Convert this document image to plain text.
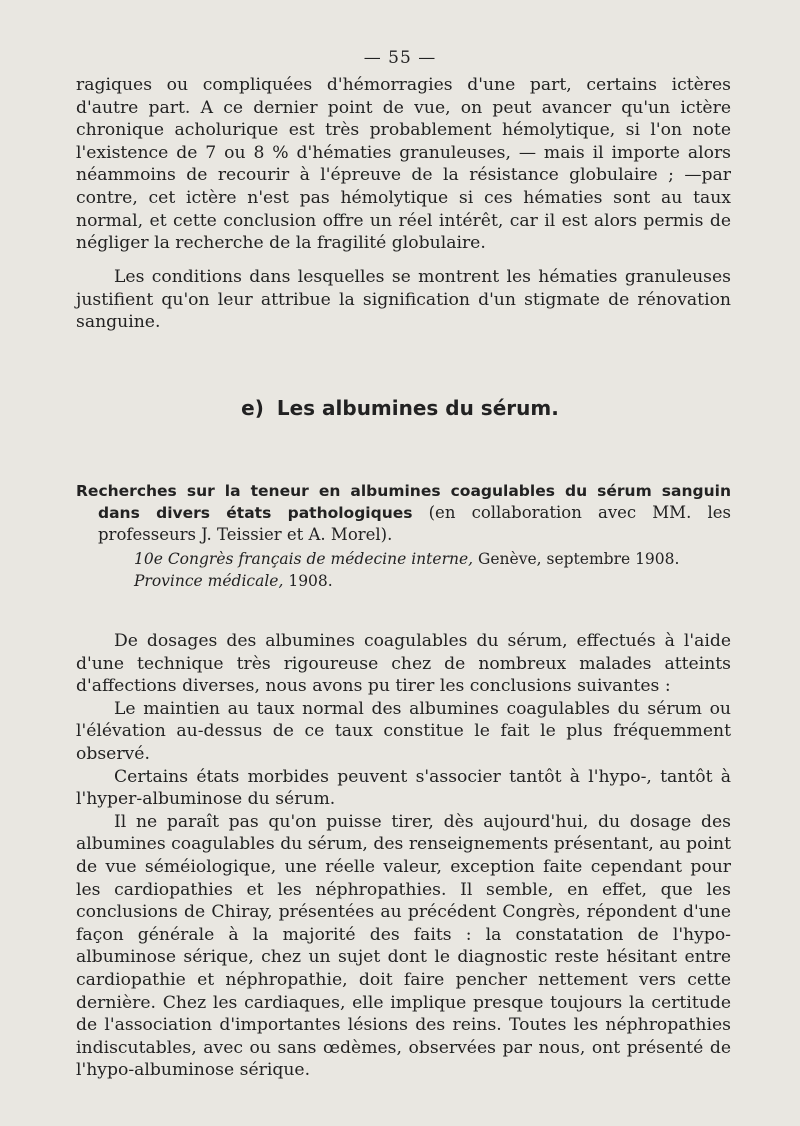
— 55 —

ragiques ou compliquées d'hémorragies d'une part, certains ictères d'autre part. A ce dernier point de vue, on peut avancer qu'un ictère chronique acholurique est très probablement hémolytique, si l'on note l'existence de 7 ou 8 % d'hématies granuleuses, — mais il importe alors néammoins de recourir à l'épreuve de la résistance globulaire ; —par contre, cet ictère n'est pas hémolytique si ces hématies sont au taux normal, et cette conclusion offre un réel intérêt, car il est alors permis de négliger la recherche de la fragilité globulaire.

Les conditions dans lesquelles se montrent les hématies granuleuses justifient qu'on leur attribue la signification d'un stigmate de rénovation sanguine.

e) Les albumines du sérum.
Recherches sur la teneur en albumines coagulables du sérum sanguin dans divers états pathologiques (en collaboration avec MM. les professeurs J. Teissier et A. Morel).
10e Congrès français de médecine interne, Genève, septembre 1908.
Province médicale, 1908.

De dosages des albumines coagulables du sérum, effectués à l'aide d'une technique très rigoureuse chez de nombreux malades atteints d'affections diverses, nous avons pu tirer les conclusions suivantes :

Le maintien au taux normal des albumines coagulables du sérum ou l'élévation au-dessus de ce taux constitue le fait le plus fréquemment observé.

Certains états morbides peuvent s'associer tantôt à l'hypo-, tantôt à l'hyper-albuminose du sérum.

Il ne paraît pas qu'on puisse tirer, dès aujourd'hui, du dosage des albumines coagulables du sérum, des renseignements présentant, au point de vue séméiologique, une réelle valeur, exception faite cependant pour les cardiopathies et les néphropathies. Il semble, en effet, que les conclusions de Chiray, présentées au précédent Congrès, répondent d'une façon générale à la majorité des faits : la constatation de l'hypo-albuminose sérique, chez un sujet dont le diagnostic reste hésitant entre cardiopathie et néphropathie, doit faire pencher nettement vers cette dernière. Chez les cardiaques, elle implique presque toujours la certitude de l'association d'importantes lésions des reins. Toutes les néphropathies indiscutables, avec ou sans œdèmes, observées par nous, ont présenté de l'hypo-albuminose sérique.
